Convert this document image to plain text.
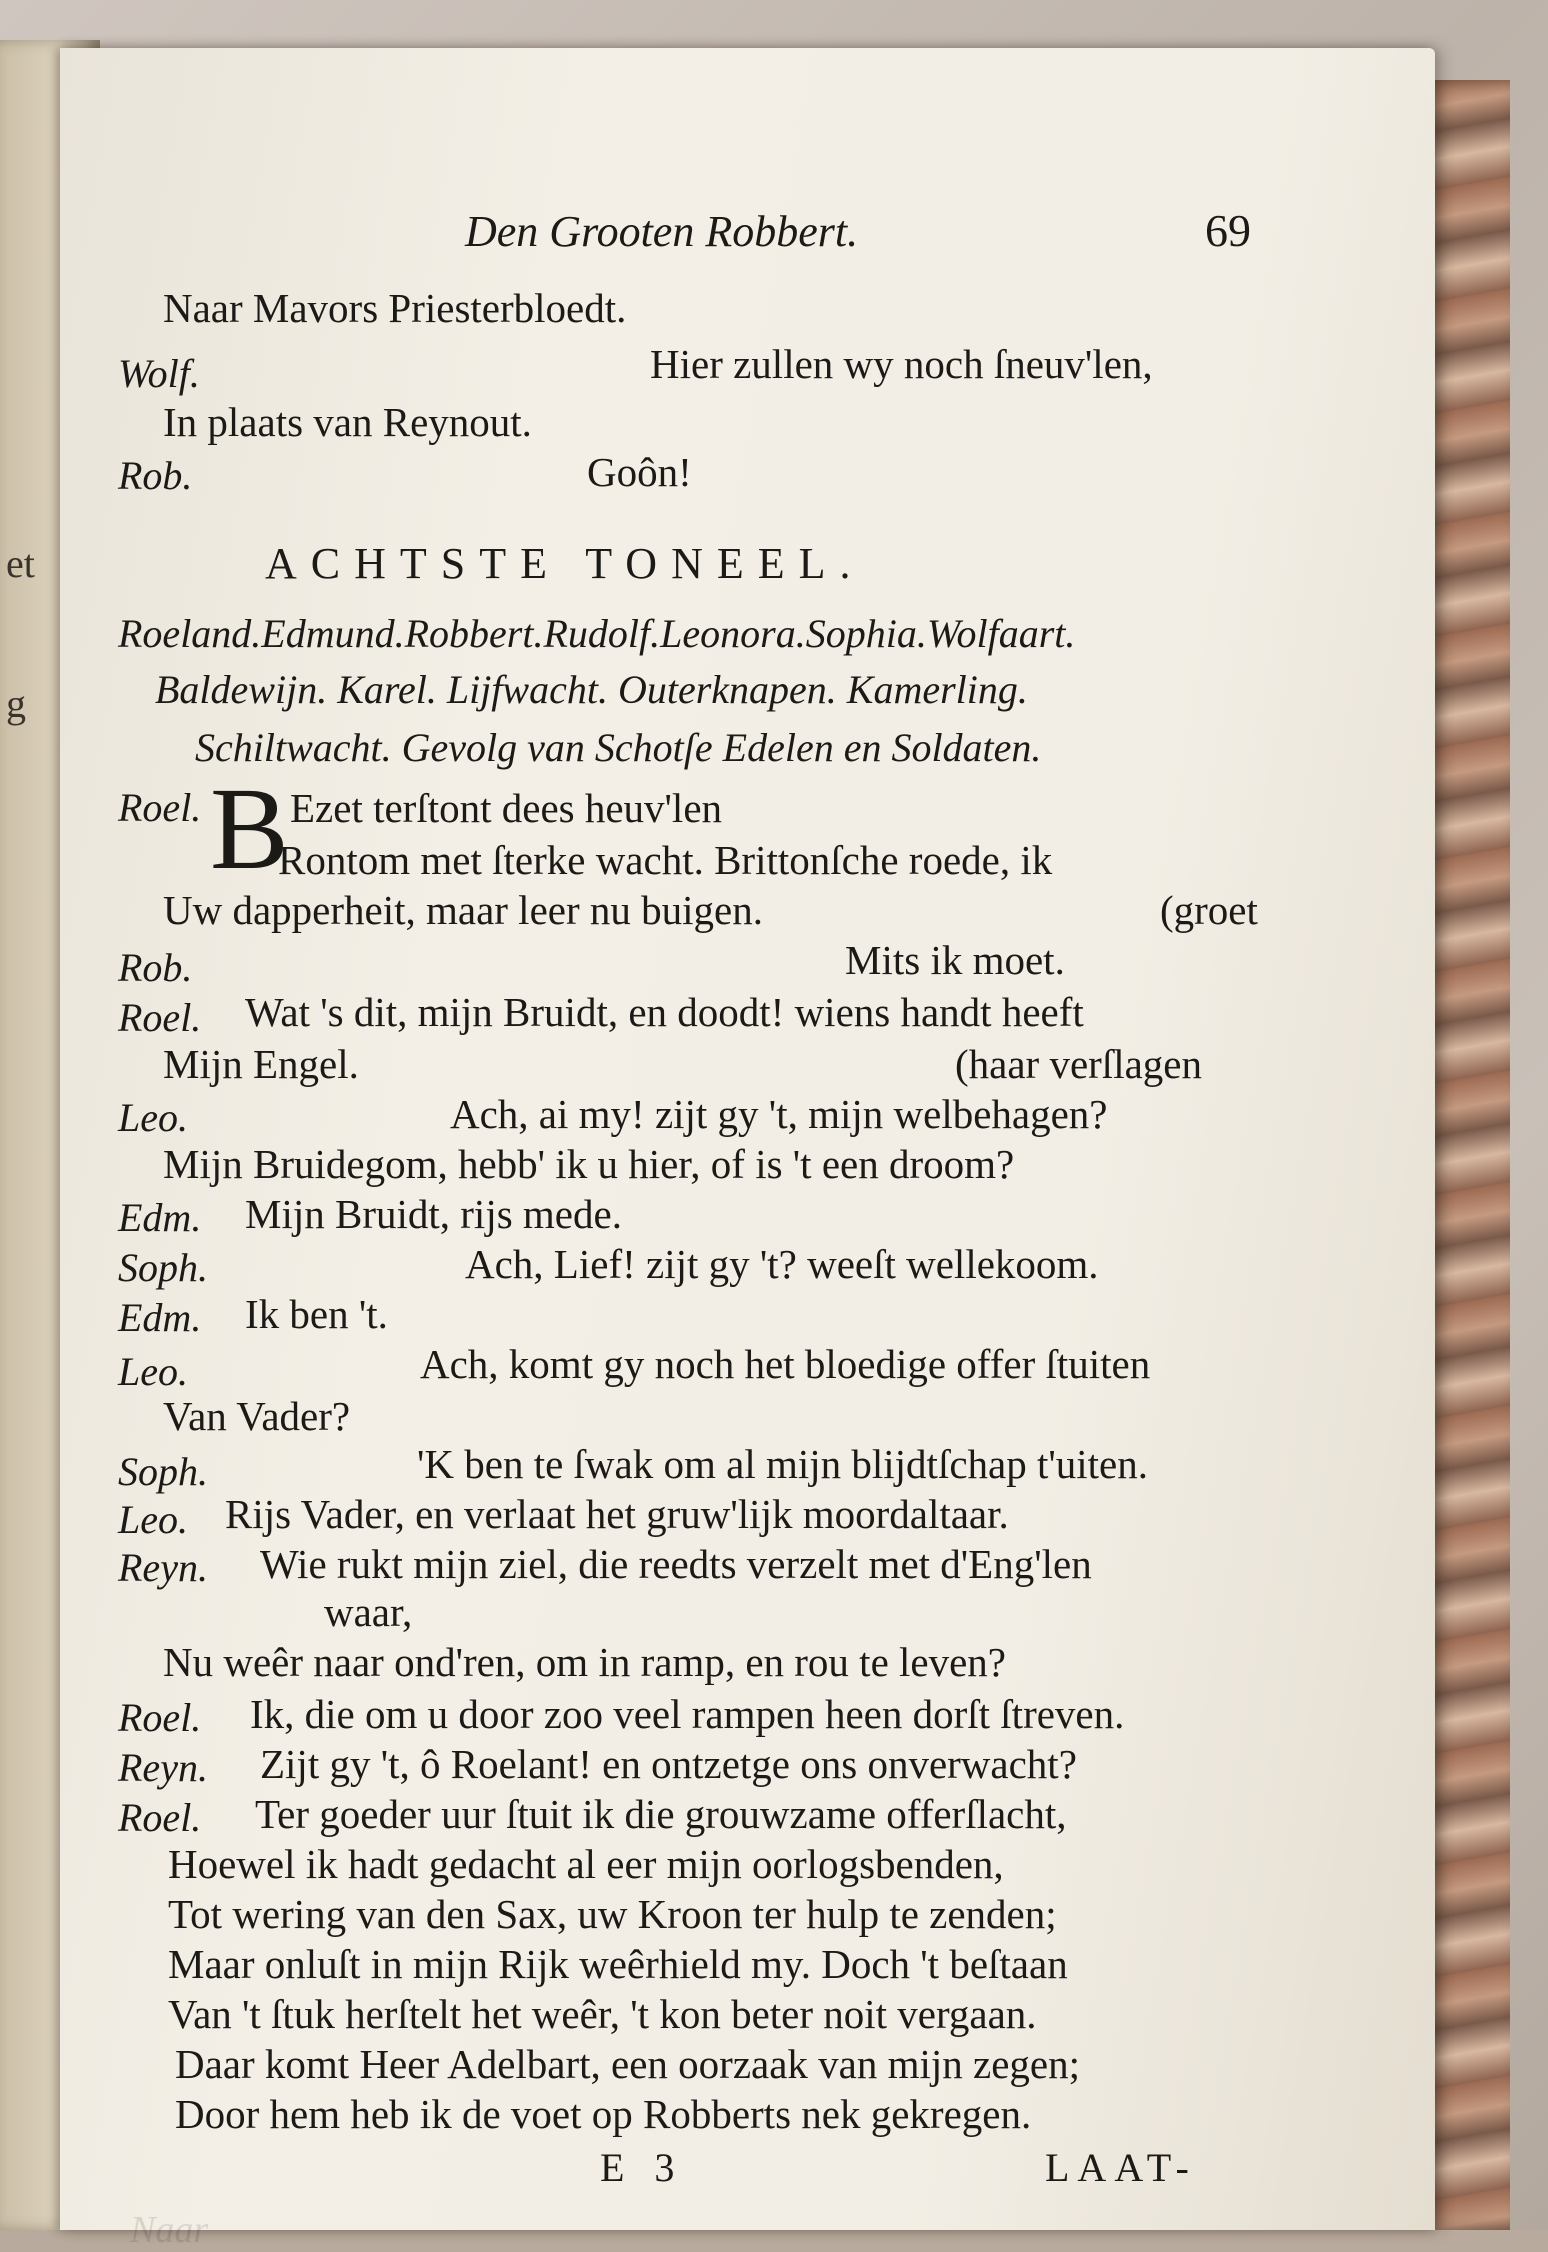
et
g
Den Grooten Robbert.	69
Naar Mavors Priesterbloedt.
Wolf.	Hier zullen wy noch ſneuv'len,
In plaats van Reynout.
Rob.	Goôn!
ACHTSTE TONEEL.
Roeland.Edmund.Robbert.Rudolf.Leonora.Sophia.Wolfaart.
Baldewijn. Karel. Lijfwacht. Outerknapen. Kamerling.
Schiltwacht. Gevolg van Schotſe Edelen en Soldaten.
Roel. B Ezet terſtont dees heuv'len
Rontom met ſterke wacht. Brittonſche roede, ik
Uw dapperheit, maar leer nu buigen.	(groet
Rob.	Mits ik moet.
Roel. Wat 's dit, mijn Bruidt, en doodt! wiens handt heeft
Mijn Engel.	(haar verſlagen
Leo.	Ach, ai my! zijt gy 't, mijn welbehagen?
Mijn Bruidegom, hebb' ik u hier, of is 't een droom?
Edm. Mijn Bruidt, rijs mede.
Soph.	Ach, Lief! zijt gy 't? weeſt wellekoom.
Edm. Ik ben 't.
Leo.	Ach, komt gy noch het bloedige offer ſtuiten
Van Vader?
Soph.	'K ben te ſwak om al mijn blijdtſchap t'uiten.
Leo. Rijs Vader, en verlaat het gruw'lijk moordaltaar.
Reyn. Wie rukt mijn ziel, die reedts verzelt met d'Eng'len
waar,
Nu weêr naar ond'ren, om in ramp, en rou te leven?
Roel. Ik, die om u door zoo veel rampen heen dorſt ſtreven.
Reyn. Zijt gy 't, ô Roelant! en ontzetge ons onverwacht?
Roel. Ter goeder uur ſtuit ik die grouwzame offerſlacht,
Hoewel ik hadt gedacht al eer mijn oorlogsbenden,
Tot wering van den Sax, uw Kroon ter hulp te zenden;
Maar onluſt in mijn Rijk weêrhield my. Doch 't beſtaan
Van 't ſtuk herſtelt het weêr, 't kon beter noit vergaan.
Daar komt Heer Adelbart, een oorzaak van mijn zegen;
Door hem heb ik de voet op Robberts nek gekregen.
E 3	LAAT-
Naar
